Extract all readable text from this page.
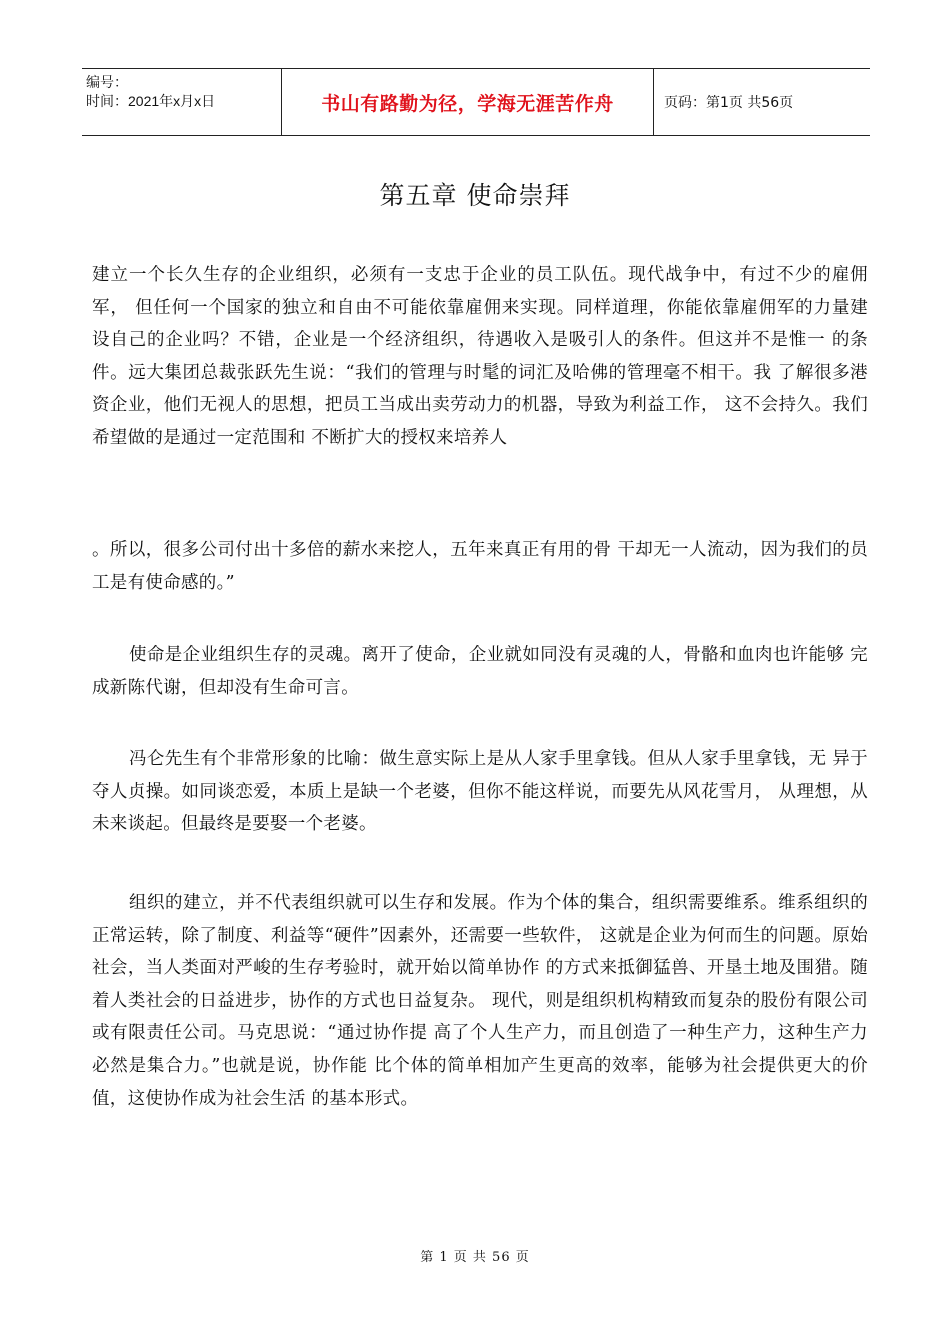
编号：
时间：2021年x月x日	书山有路勤为径，学海无涯苦作舟	页码：第1页 共56页
第五章 使命崇拜

建立一个长久生存的企业组织，必须有一支忠于企业的员工队伍。现代战争中，有过不少的雇佣军， 但任何一个国家的独立和自由不可能依靠雇佣来实现。同样道理，你能依靠雇佣军的力量建 设自己的企业吗？不错，企业是一个经济组织，待遇收入是吸引人的条件。但这并不是惟一 的条件。远大集团总裁张跃先生说：“我们的管理与时髦的词汇及哈佛的管理毫不相干。我 了解很多港资企业，他们无视人的思想，把员工当成出卖劳动力的机器，导致为利益工作， 这不会持久。我们希望做的是通过一定范围和 不断扩大的授权来培养人

。所以，很多公司付出十多倍的薪水来挖人，五年来真正有用的骨 干却无一人流动，因为我们的员工是有使命感的。”

使命是企业组织生存的灵魂。离开了使命，企业就如同没有灵魂的人，骨骼和血肉也许能够 完成新陈代谢，但却没有生命可言。

冯仑先生有个非常形象的比喻：做生意实际上是从人家手里拿钱。但从人家手里拿钱，无 异于夺人贞操。如同谈恋爱，本质上是缺一个老婆，但你不能这样说，而要先从风花雪月， 从理想，从未来谈起。但最终是要娶一个老婆。

组织的建立，并不代表组织就可以生存和发展。作为个体的集合，组织需要维系。维系组织的正常运转，除了制度、利益等“硬件”因素外，还需要一些软件， 这就是企业为何而生的问题。原始社会，当人类面对严峻的生存考验时，就开始以简单协作 的方式来抵御猛兽、开垦土地及围猎。随着人类社会的日益进步，协作的方式也日益复杂。 现代，则是组织机构精致而复杂的股份有限公司或有限责任公司。马克思说：“通过协作提 高了个人生产力，而且创造了一种生产力，这种生产力必然是集合力。”也就是说，协作能 比个体的简单相加产生更高的效率，能够为社会提供更大的价值，这使协作成为社会生活 的基本形式。

第 1 页 共 56 页
